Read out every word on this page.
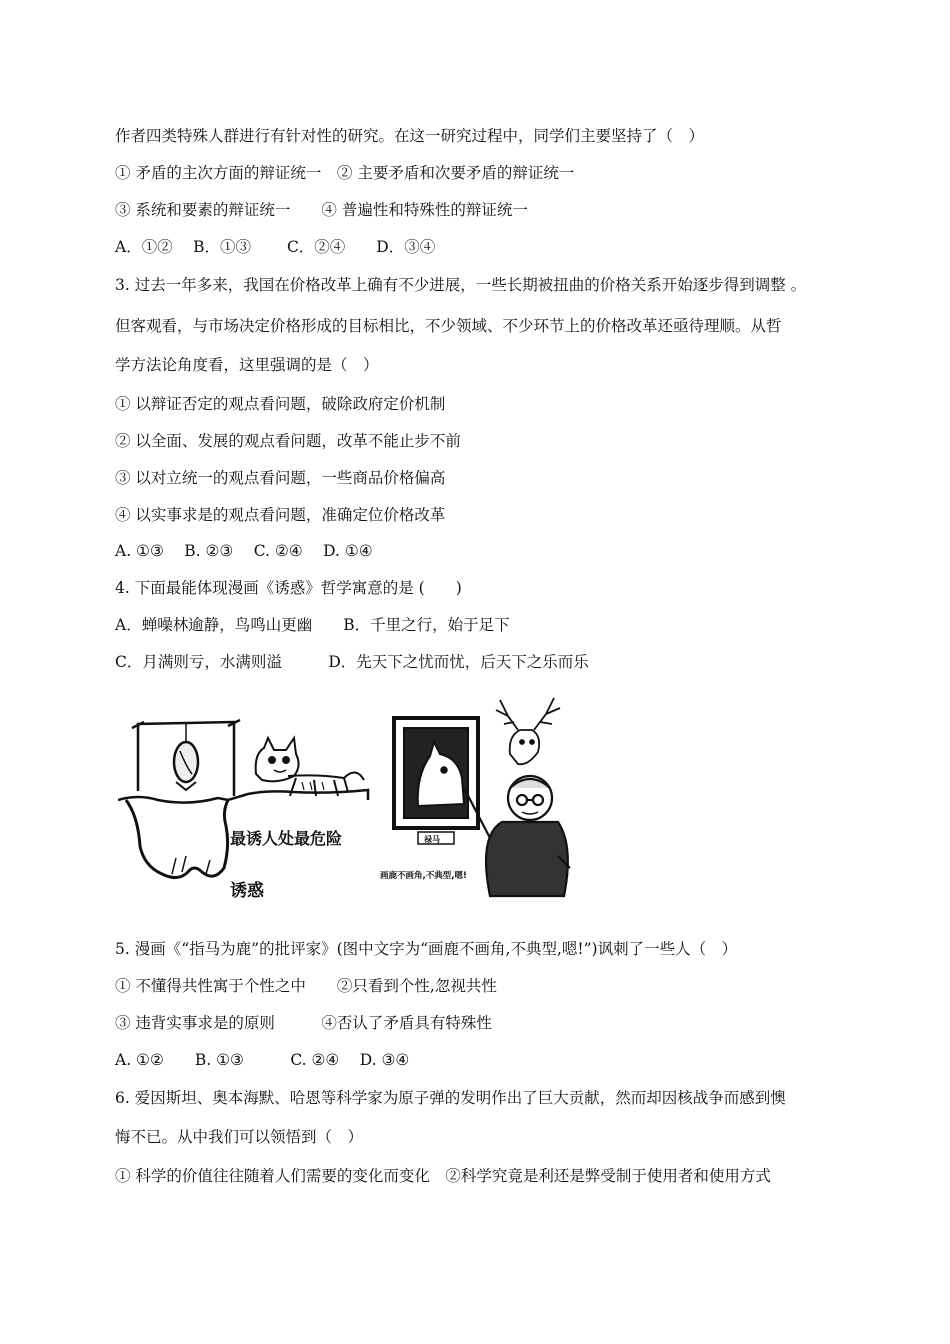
作者四类特殊人群进行有针对性的研究。在这一研究过程中，同学们主要坚持了（　）
① 矛盾的主次方面的辩证统一　② 主要矛盾和次要矛盾的辩证统一
③ 系统和要素的辩证统一　　④ 普遍性和特殊性的辩证统一
A．①②　 B．①③　　 C．②④　　D．③④
3. 过去一年多来，我国在价格改革上确有不少进展，一些长期被扭曲的价格关系开始逐步得到调整 。
但客观看，与市场决定价格形成的目标相比，不少领域、不少环节上的价格改革还亟待理顺。从哲
学方法论角度看，这里强调的是（　）
① 以辩证否定的观点看问题，破除政府定价机制
② 以全面、发展的观点看问题，改革不能止步不前
③ 以对立统一的观点看问题，一些商品价格偏高
④ 以实事求是的观点看问题，准确定位价格改革
A. ①③　 B. ②③　 C. ②④　 D. ①④
4. 下面最能体现漫画《诱惑》哲学寓意的是 (　　)
A．蝉噪林逾静，鸟鸣山更幽　　B．千里之行，始于足下
C．月满则亏，水满则溢　　　D．先天下之忧而忧，后天下之乐而乐
最诱人处最危险
诱惑
禄马
画鹿不画角,不典型,嗯!
5. 漫画《“指马为鹿”的批评家》(图中文字为“画鹿不画角,不典型,嗯!”)讽刺了一些人（　）
① 不懂得共性寓于个性之中　　②只看到个性,忽视共性
③ 违背实事求是的原则　　　④否认了矛盾具有特殊性
A. ①②　　B. ①③　　　C. ②④　 D. ③④
6. 爱因斯坦、奥本海默、哈恩等科学家为原子弹的发明作出了巨大贡献，然而却因核战争而感到懊
悔不已。从中我们可以领悟到（　）
① 科学的价值往往随着人们需要的变化而变化　②科学究竟是利还是弊受制于使用者和使用方式
